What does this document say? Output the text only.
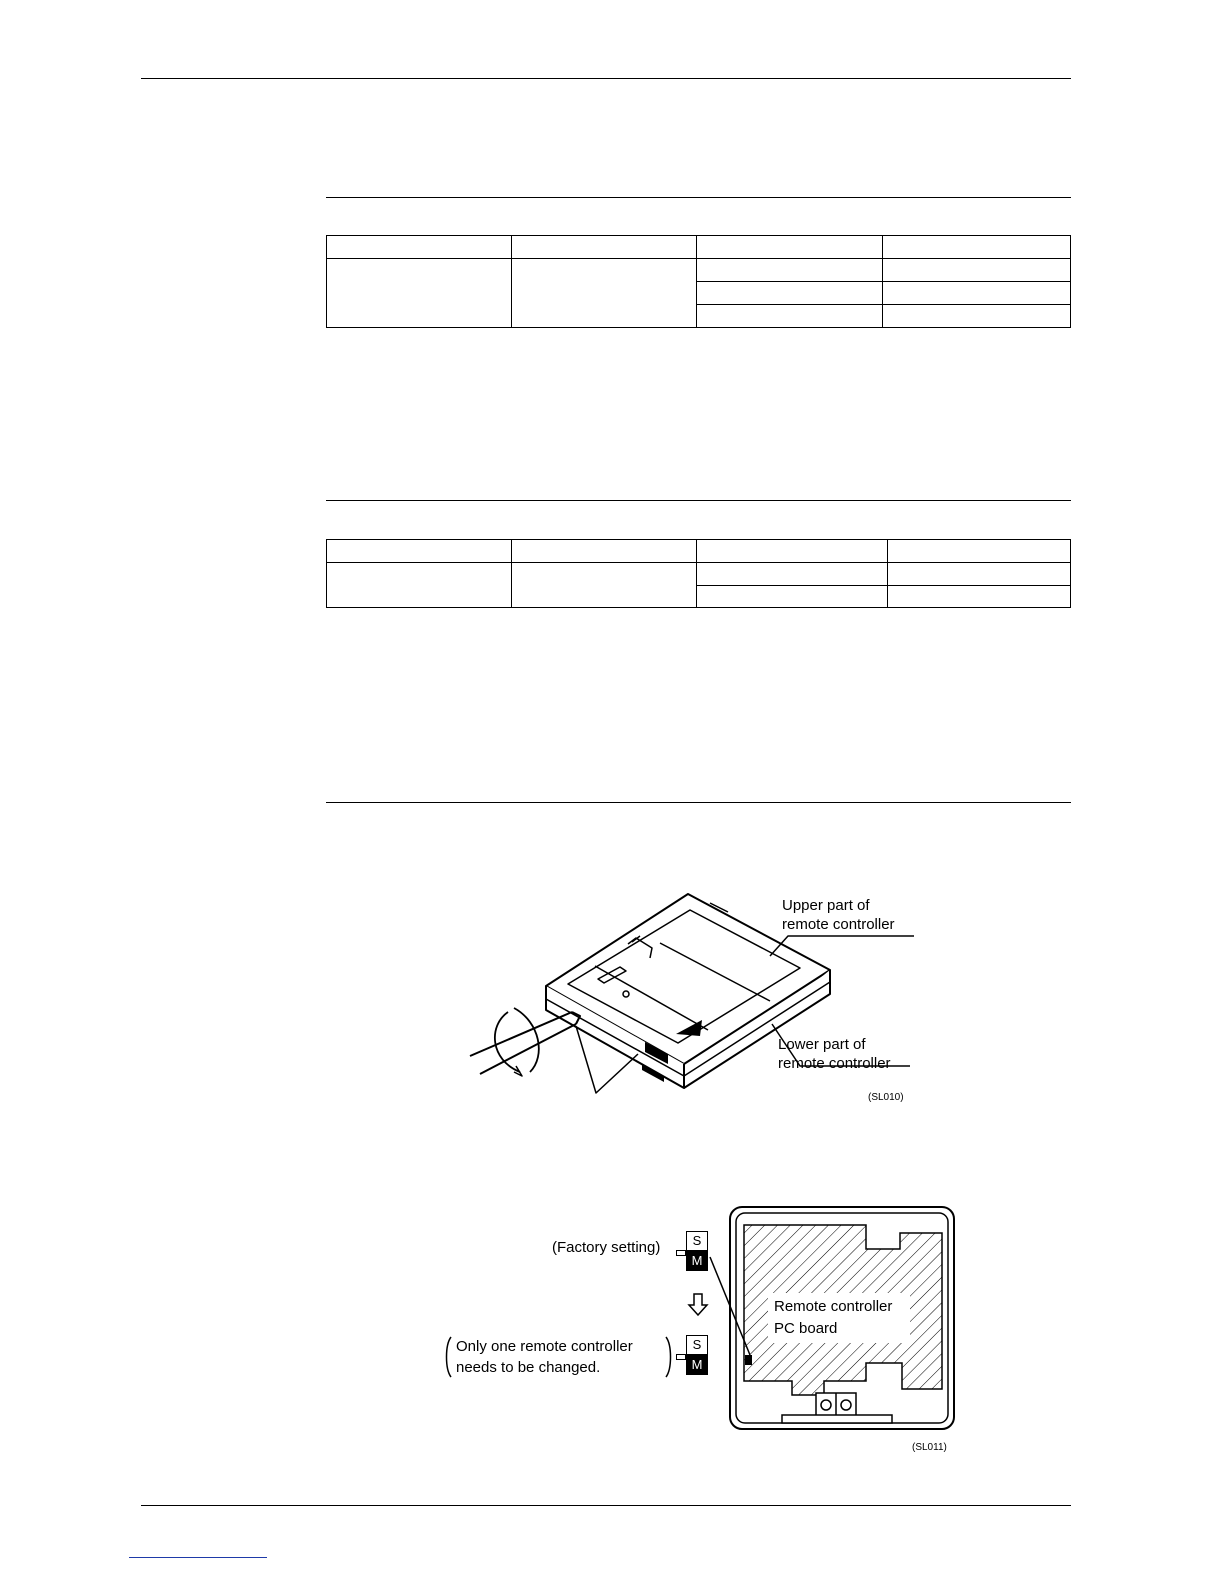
Upper part of
remote controller
Lower part of
remote controller
(SL010)
(Factory setting)	S
M
S
M
Only one remote controller
needs to be changed.
Remote controller
PC board
(SL011)
